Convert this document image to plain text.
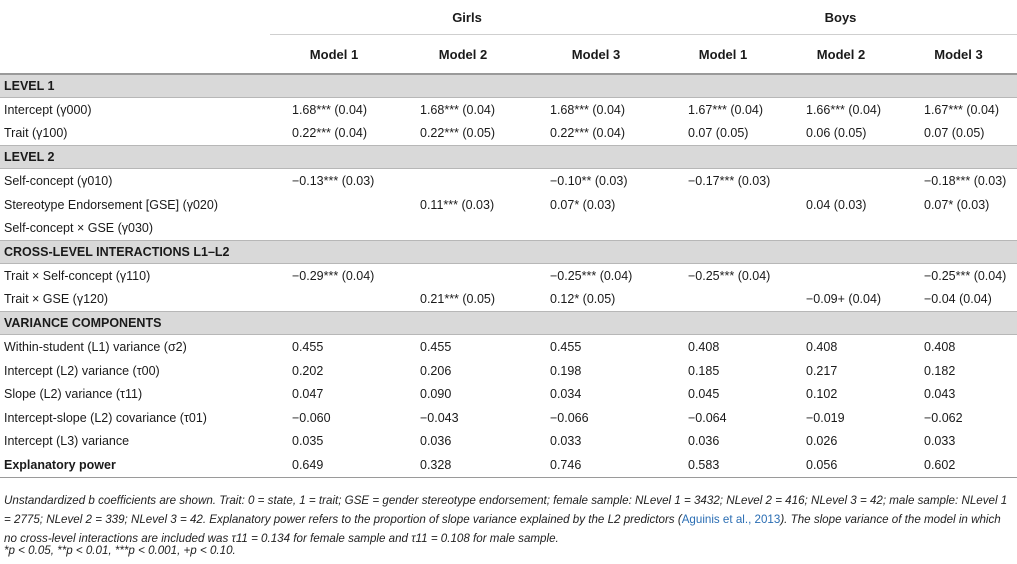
	Girls			Boys		
	Model 1	Model 2	Model 3	Model 1	Model 2	Model 3
LEVEL 1						
Intercept (γ000)	1.68*** (0.04)	1.68*** (0.04)	1.68*** (0.04)	1.67*** (0.04)	1.66*** (0.04)	1.67*** (0.04)
Trait (γ100)	0.22*** (0.04)	0.22*** (0.05)	0.22*** (0.04)	0.07 (0.05)	0.06 (0.05)	0.07 (0.05)
LEVEL 2						
Self-concept (γ010)	−0.13*** (0.03)		−0.10** (0.03)	−0.17*** (0.03)		−0.18*** (0.03)
Stereotype Endorsement [GSE] (γ020)		0.11*** (0.03)	0.07* (0.03)		0.04 (0.03)	0.07* (0.03)
Self-concept × GSE (γ030)						
CROSS-LEVEL INTERACTIONS L1–L2						
Trait × Self-concept (γ110)	−0.29*** (0.04)		−0.25*** (0.04)	−0.25*** (0.04)		−0.25*** (0.04)
Trait × GSE (γ120)		0.21*** (0.05)	0.12* (0.05)		−0.09+ (0.04)	−0.04 (0.04)
VARIANCE COMPONENTS						
Within-student (L1) variance (σ2)	0.455	0.455	0.455	0.408	0.408	0.408
Intercept (L2) variance (τ00)	0.202	0.206	0.198	0.185	0.217	0.182
Slope (L2) variance (τ11)	0.047	0.090	0.034	0.045	0.102	0.043
Intercept-slope (L2) covariance (τ01)	−0.060	−0.043	−0.066	−0.064	−0.019	−0.062
Intercept (L3) variance	0.035	0.036	0.033	0.036	0.026	0.033
Explanatory power	0.649	0.328	0.746	0.583	0.056	0.602
Unstandardized b coefficients are shown. Trait: 0 = state, 1 = trait; GSE = gender stereotype endorsement; female sample: NLevel 1 = 3432; NLevel 2 = 416; NLevel 3 = 42; male sample: NLevel 1 = 2775; NLevel 2 = 339; NLevel 3 = 42. Explanatory power refers to the proportion of slope variance explained by the L2 predictors (Aguinis et al., 2013). The slope variance of the model in which no cross-level interactions are included was τ11 = 0.134 for female sample and τ11 = 0.108 for male sample.
*p < 0.05, **p < 0.01, ***p < 0.001, +p < 0.10.
